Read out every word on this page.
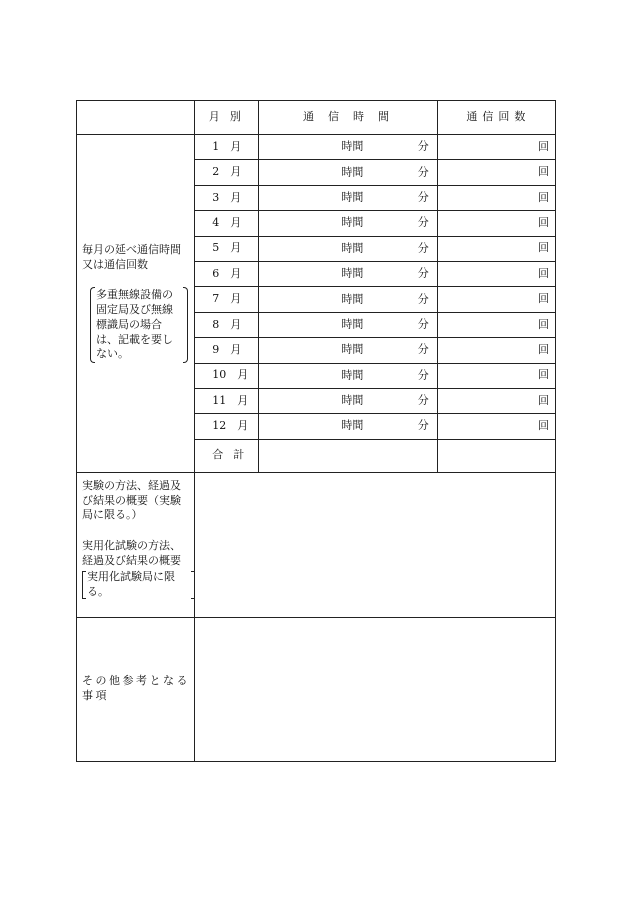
	月別	通信時間	通信回数

毎月の延べ通信時間又は通信回数
多重無線設備の固定局及び無線標識局の場合は、記載を要しない。	1　月	時間 分	回
	2　月	時間 分	回
	3　月	時間 分	回
	4　月	時間 分	回
	5　月	時間 分	回
	6　月	時間 分	回
	7　月	時間 分	回
	8　月	時間 分	回
	9　月	時間 分	回
	10　月	時間 分	回
	11　月	時間 分	回
	12　月	時間 分	回
	合計		

実験の方法、経過及び結果の概要（実験局に限る。）
実用化試験の方法、経過及び結果の概要
実用化試験局に限る。			

その他参考となる事項			
